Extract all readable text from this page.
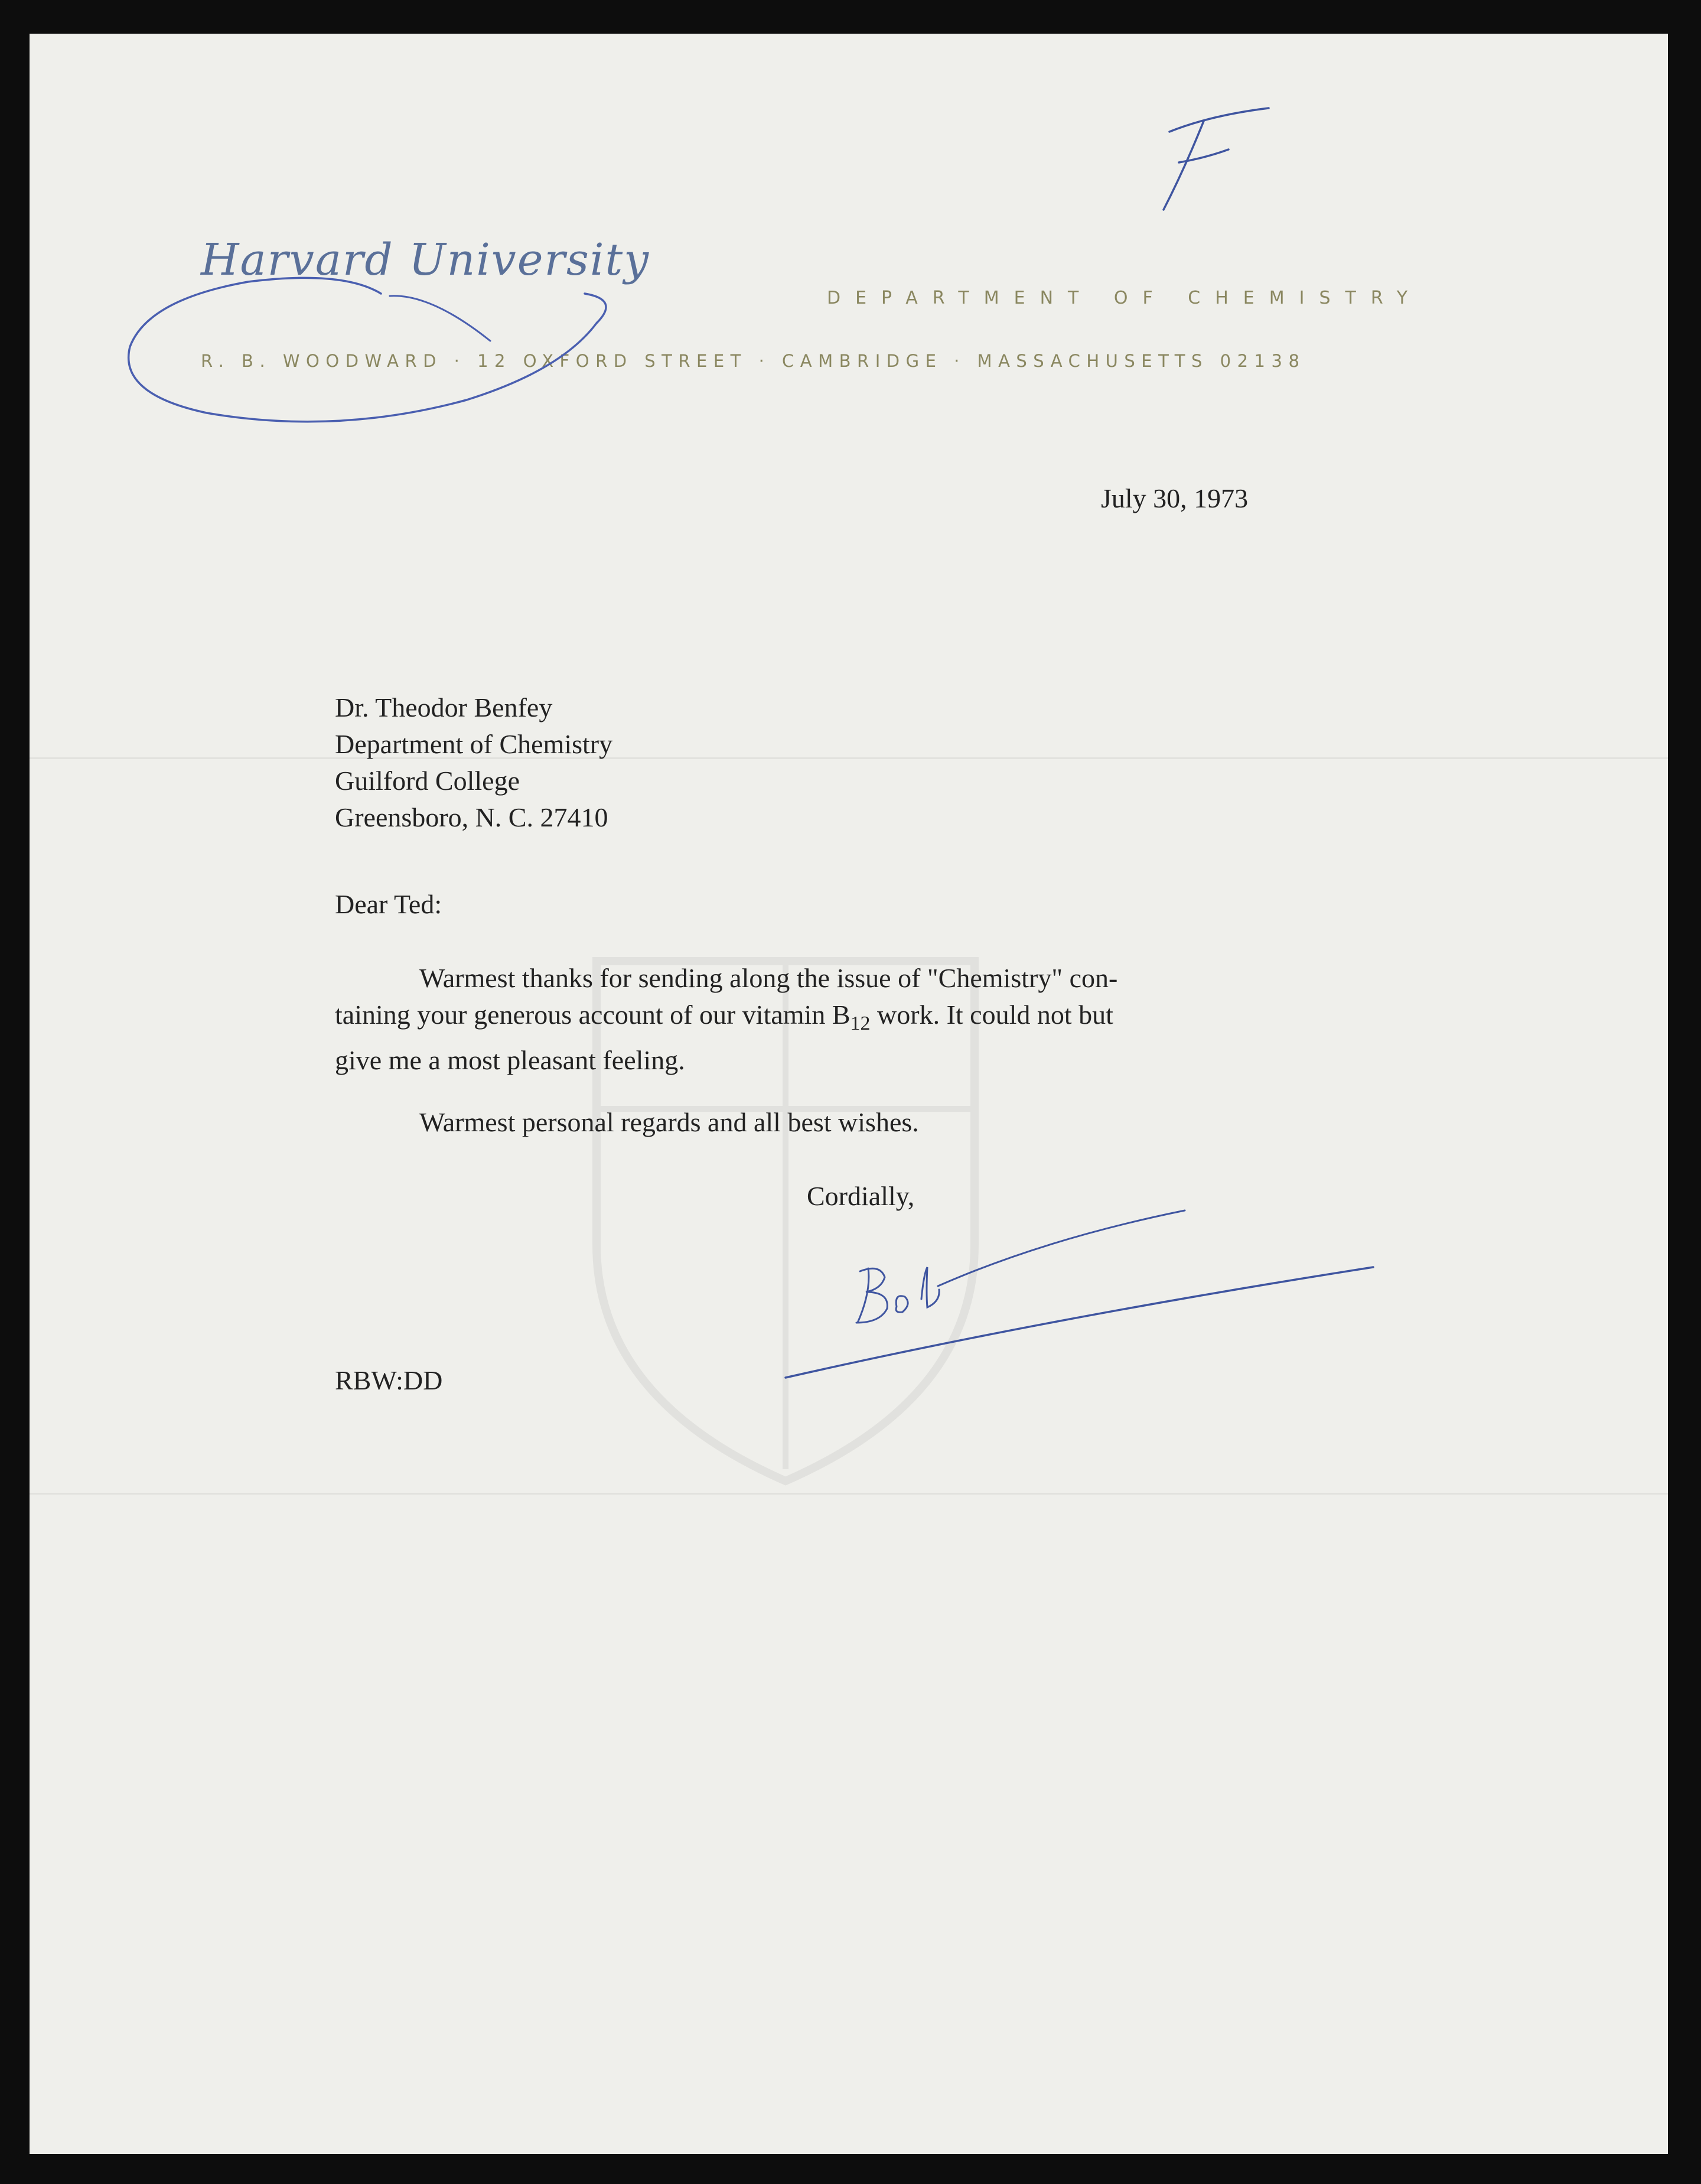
Harvard University
DEPARTMENT OF CHEMISTRY
R. B. WOODWARD · 12 OXFORD STREET · CAMBRIDGE · MASSACHUSETTS 02138
July 30, 1973
Dr. Theodor Benfey
Department of Chemistry
Guilford College
Greensboro, N. C. 27410
Dear Ted:
Warmest thanks for sending along the issue of "Chemistry" con-
taining your generous account of our vitamin $B_{12}$ work. It could not but
give me a most pleasant feeling.
Warmest personal regards and all best wishes.
Cordially,
RBW:DD
